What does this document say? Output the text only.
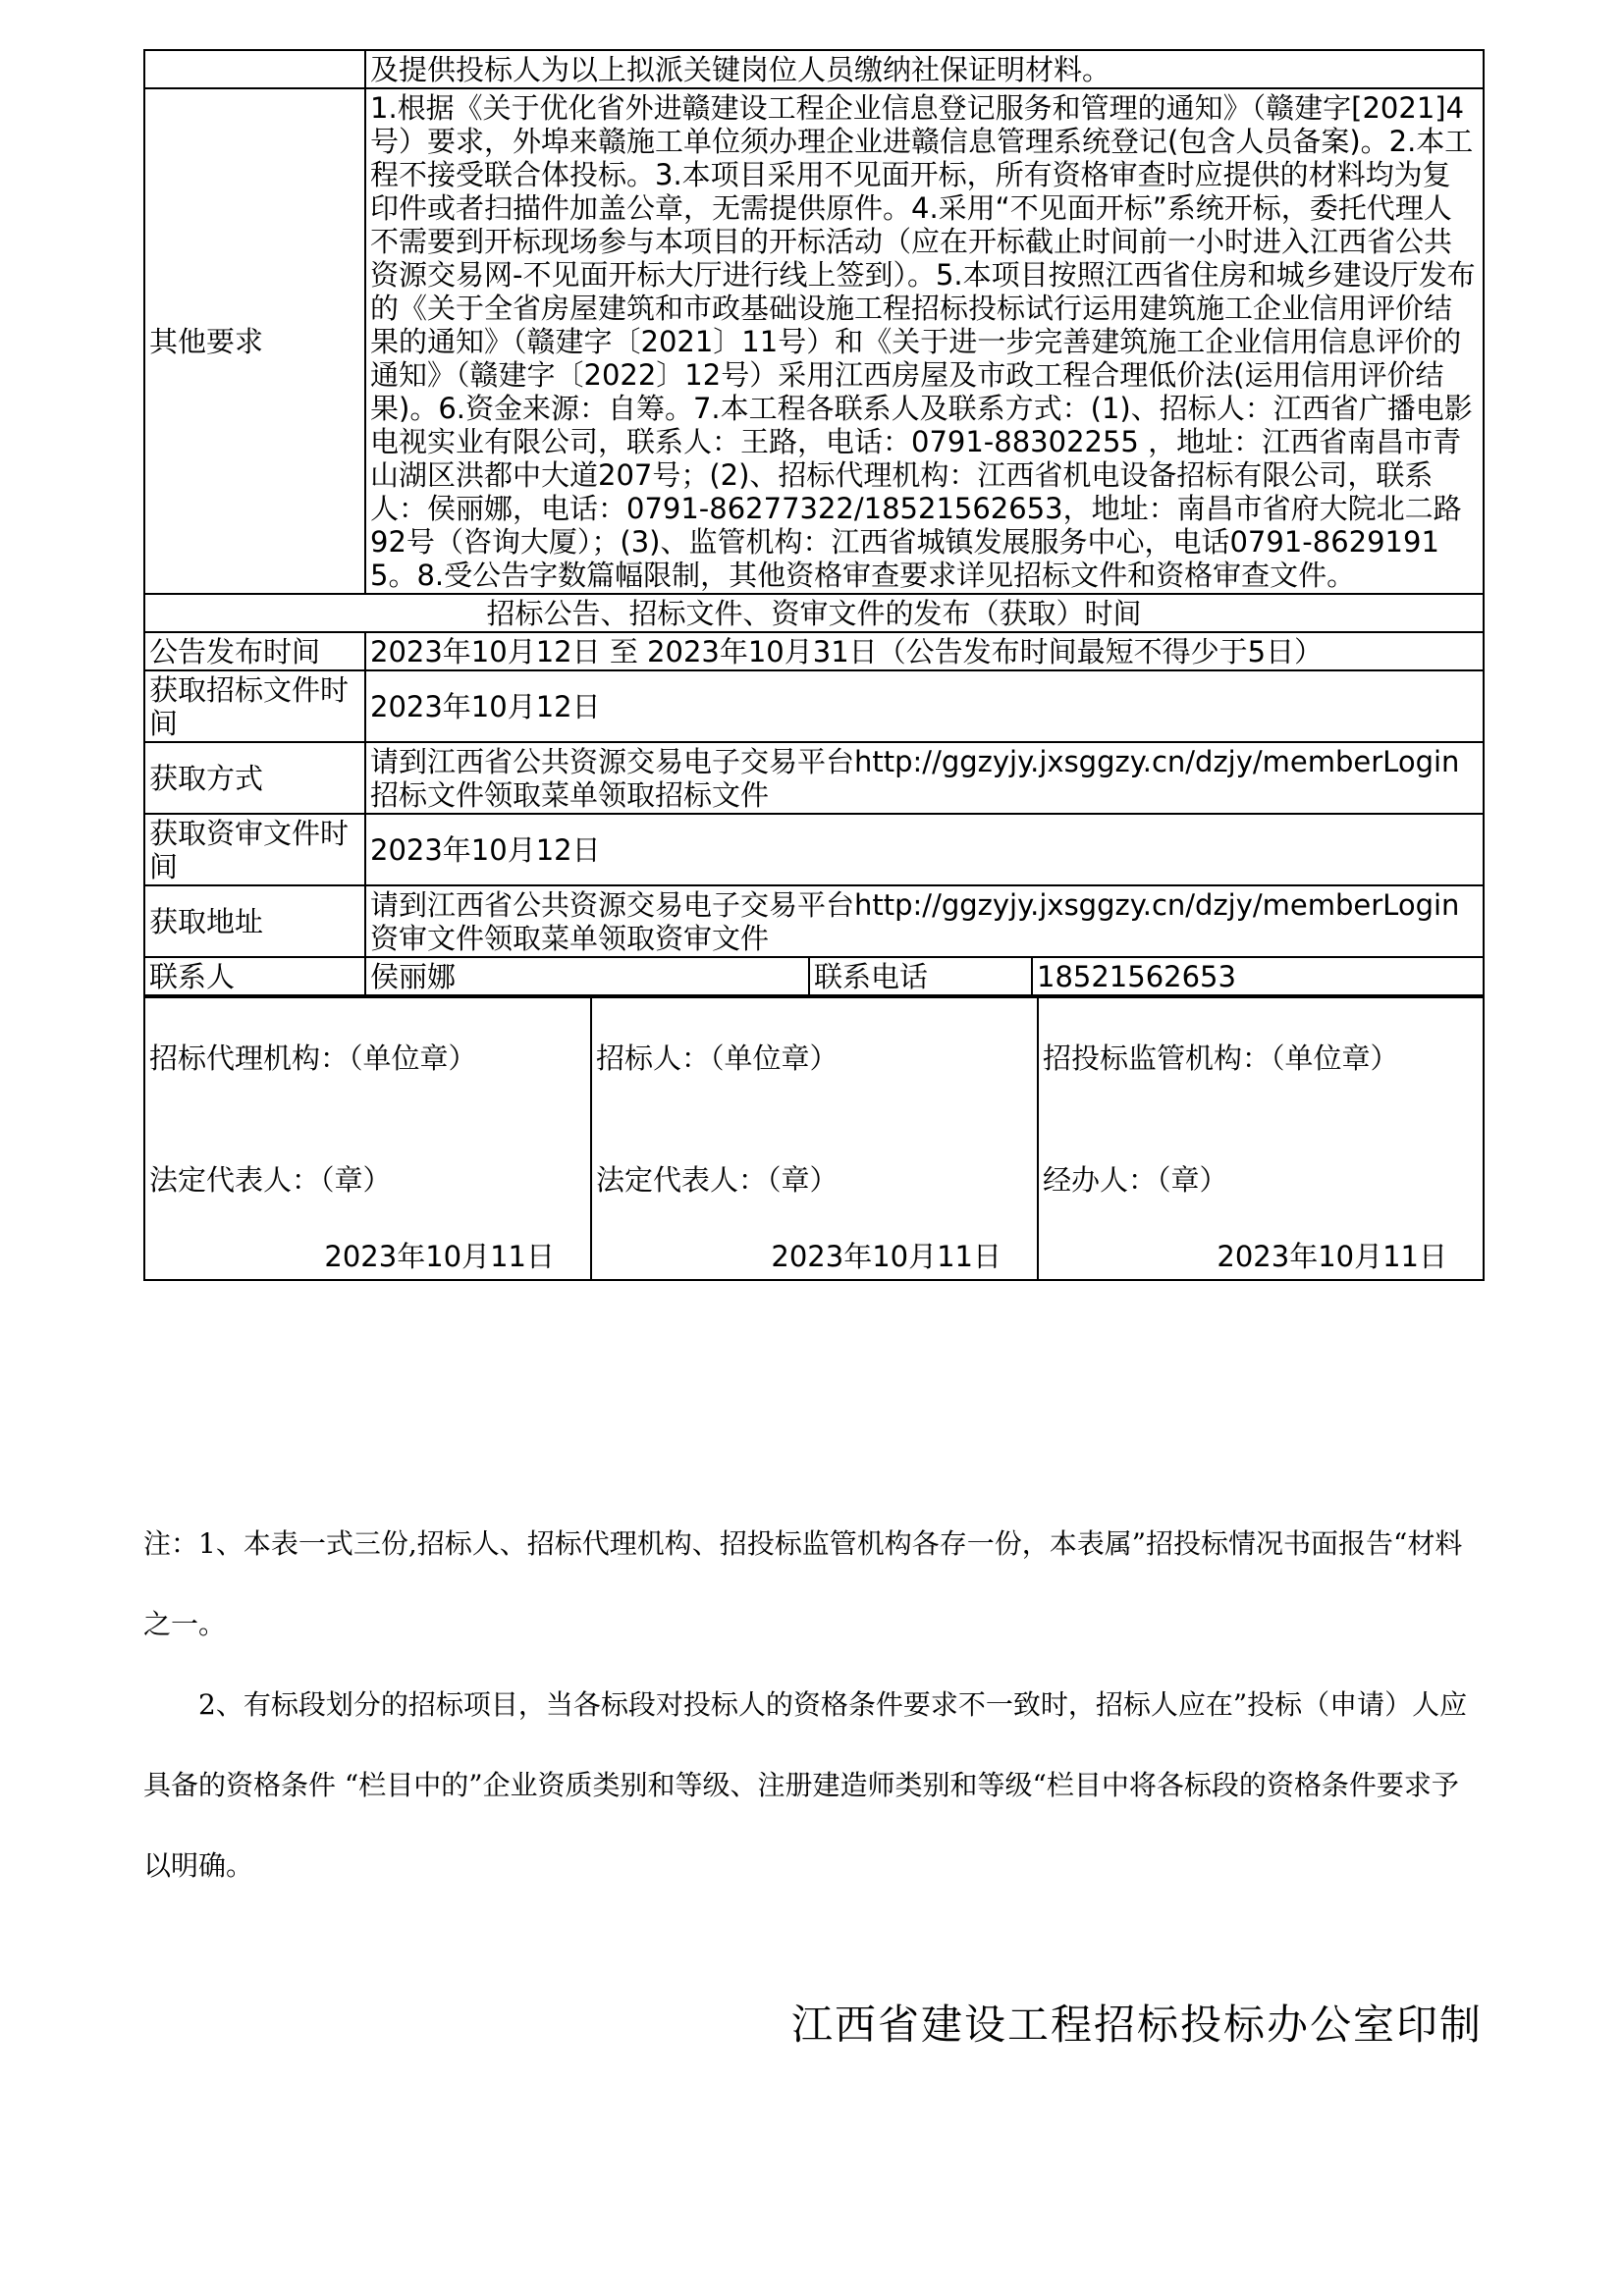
	及提供投标人为以上拟派关键岗位人员缴纳社保证明材料。		
其他要求	1.根据《关于优化省外进赣建设工程企业信息登记服务和管理的通知》（赣建字[2021]4号）要求，外埠来赣施工单位须办理企业进赣信息管理系统登记(包含人员备案)。2.本工程不接受联合体投标。3.本项目采用不见面开标，所有资格审查时应提供的材料均为复印件或者扫描件加盖公章，无需提供原件。4.采用“不见面开标”系统开标，委托代理人不需要到开标现场参与本项目的开标活动（应在开标截止时间前一小时进入江西省公共资源交易网-不见面开标大厅进行线上签到）。5.本项目按照江西省住房和城乡建设厅发布的《关于全省房屋建筑和市政基础设施工程招标投标试行运用建筑施工企业信用评价结果的通知》（赣建字〔2021〕11号）和《关于进一步完善建筑施工企业信用信息评价的通知》（赣建字〔2022〕12号）采用江西房屋及市政工程合理低价法(运用信用评价结果)。6.资金来源：自筹。7.本工程各联系人及联系方式：(1)、招标人：江西省广播电影电视实业有限公司，联系人：王路，电话：0791-88302255 ，地址：江西省南昌市青山湖区洪都中大道207号；(2)、招标代理机构：江西省机电设备招标有限公司，联系人：侯丽娜，电话：0791-86277322/18521562653，地址：南昌市省府大院北二路92号（咨询大厦）；(3)、监管机构：江西省城镇发展服务中心，电话0791-86291915。8.受公告字数篇幅限制，其他资格审查要求详见招标文件和资格审查文件。		
招标公告、招标文件、资审文件的发布（获取）时间			
公告发布时间	2023年10月12日 至 2023年10月31日（公告发布时间最短不得少于5日）		
获取招标文件时间	2023年10月12日		
获取方式	请到江西省公共资源交易电子交易平台http://ggzyjy.jxsggzy.cn/dzjy/memberLogin招标文件领取菜单领取招标文件		
获取资审文件时间	2023年10月12日		
获取地址	请到江西省公共资源交易电子交易平台http://ggzyjy.jxsggzy.cn/dzjy/memberLogin资审文件领取菜单领取资审文件		
联系人	侯丽娜	联系电话	18521562653
招标代理机构：（单位章）
法定代表人：（章）
2023年10月11日

招标人：（单位章）
法定代表人：（章）
2023年10月11日

招投标监管机构：（单位章）
经办人：（章）
2023年10月11日

注：1、本表一式三份,招标人、招标代理机构、招投标监管机构各存一份，本表属”招投标情况书面报告“材料之一。

2、有标段划分的招标项目，当各标段对投标人的资格条件要求不一致时，招标人应在”投标（申请）人应具备的资格条件 “栏目中的”企业资质类别和等级、注册建造师类别和等级“栏目中将各标段的资格条件要求予以明确。

江西省建设工程招标投标办公室印制
